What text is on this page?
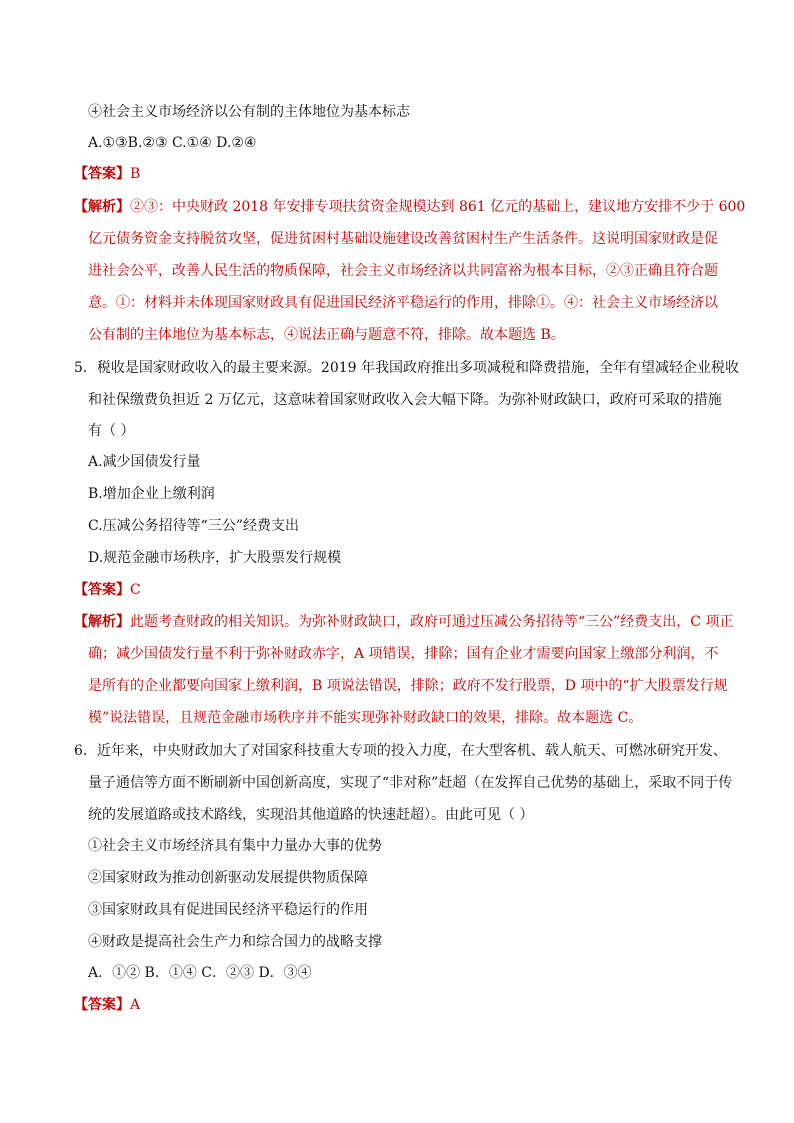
④社会主义市场经济以公有制的主体地位为基本标志
A.①③B.②③ C.①④ D.②④
【答案】B
【解析】②③：中央财政 2018 年安排专项扶贫资金规模达到 861 亿元的基础上，建议地方安排不少于 600
亿元债务资金支持脱贫攻坚，促进贫困村基础设施建设改善贫困村生产生活条件。这说明国家财政是促
进社会公平，改善人民生活的物质保障，社会主义市场经济以共同富裕为根本目标，②③正确且符合题
意。①：材料并未体现国家财政具有促进国民经济平稳运行的作用，排除①。④：社会主义市场经济以
公有制的主体地位为基本标志，④说法正确与题意不符，排除。故本题选 B。
5．税收是国家财政收入的最主要来源。2019 年我国政府推出多项减税和降费措施，全年有望减轻企业税收
和社保缴费负担近 2 万亿元，这意味着国家财政收入会大幅下降。为弥补财政缺口，政府可采取的措施
有（ ）
A.减少国债发行量
B.增加企业上缴利润
C.压减公务招待等“三公”经费支出
D.规范金融市场秩序，扩大股票发行规模
【答案】C
【解析】此题考查财政的相关知识。为弥补财政缺口，政府可通过压减公务招待等“三公”经费支出，C 项正
确；减少国债发行量不利于弥补财政赤字，A 项错误，排除；国有企业才需要向国家上缴部分利润，不
是所有的企业都要向国家上缴利润，B 项说法错误，排除；政府不发行股票，D 项中的“扩大股票发行规
模”说法错误，且规范金融市场秩序并不能实现弥补财政缺口的效果，排除。故本题选 C。
6．近年来，中央财政加大了对国家科技重大专项的投入力度，在大型客机、载人航天、可燃冰研究开发、
量子通信等方面不断刷新中国创新高度，实现了“非对称”赶超（在发挥自己优势的基础上，采取不同于传
统的发展道路或技术路线，实现沿其他道路的快速赶超）。由此可见（ ）
①社会主义市场经济具有集中力量办大事的优势
②国家财政为推动创新驱动发展提供物质保障
③国家财政具有促进国民经济平稳运行的作用
④财政是提高社会生产力和综合国力的战略支撑
A．①② B．①④ C．②③ D．③④
【答案】A
